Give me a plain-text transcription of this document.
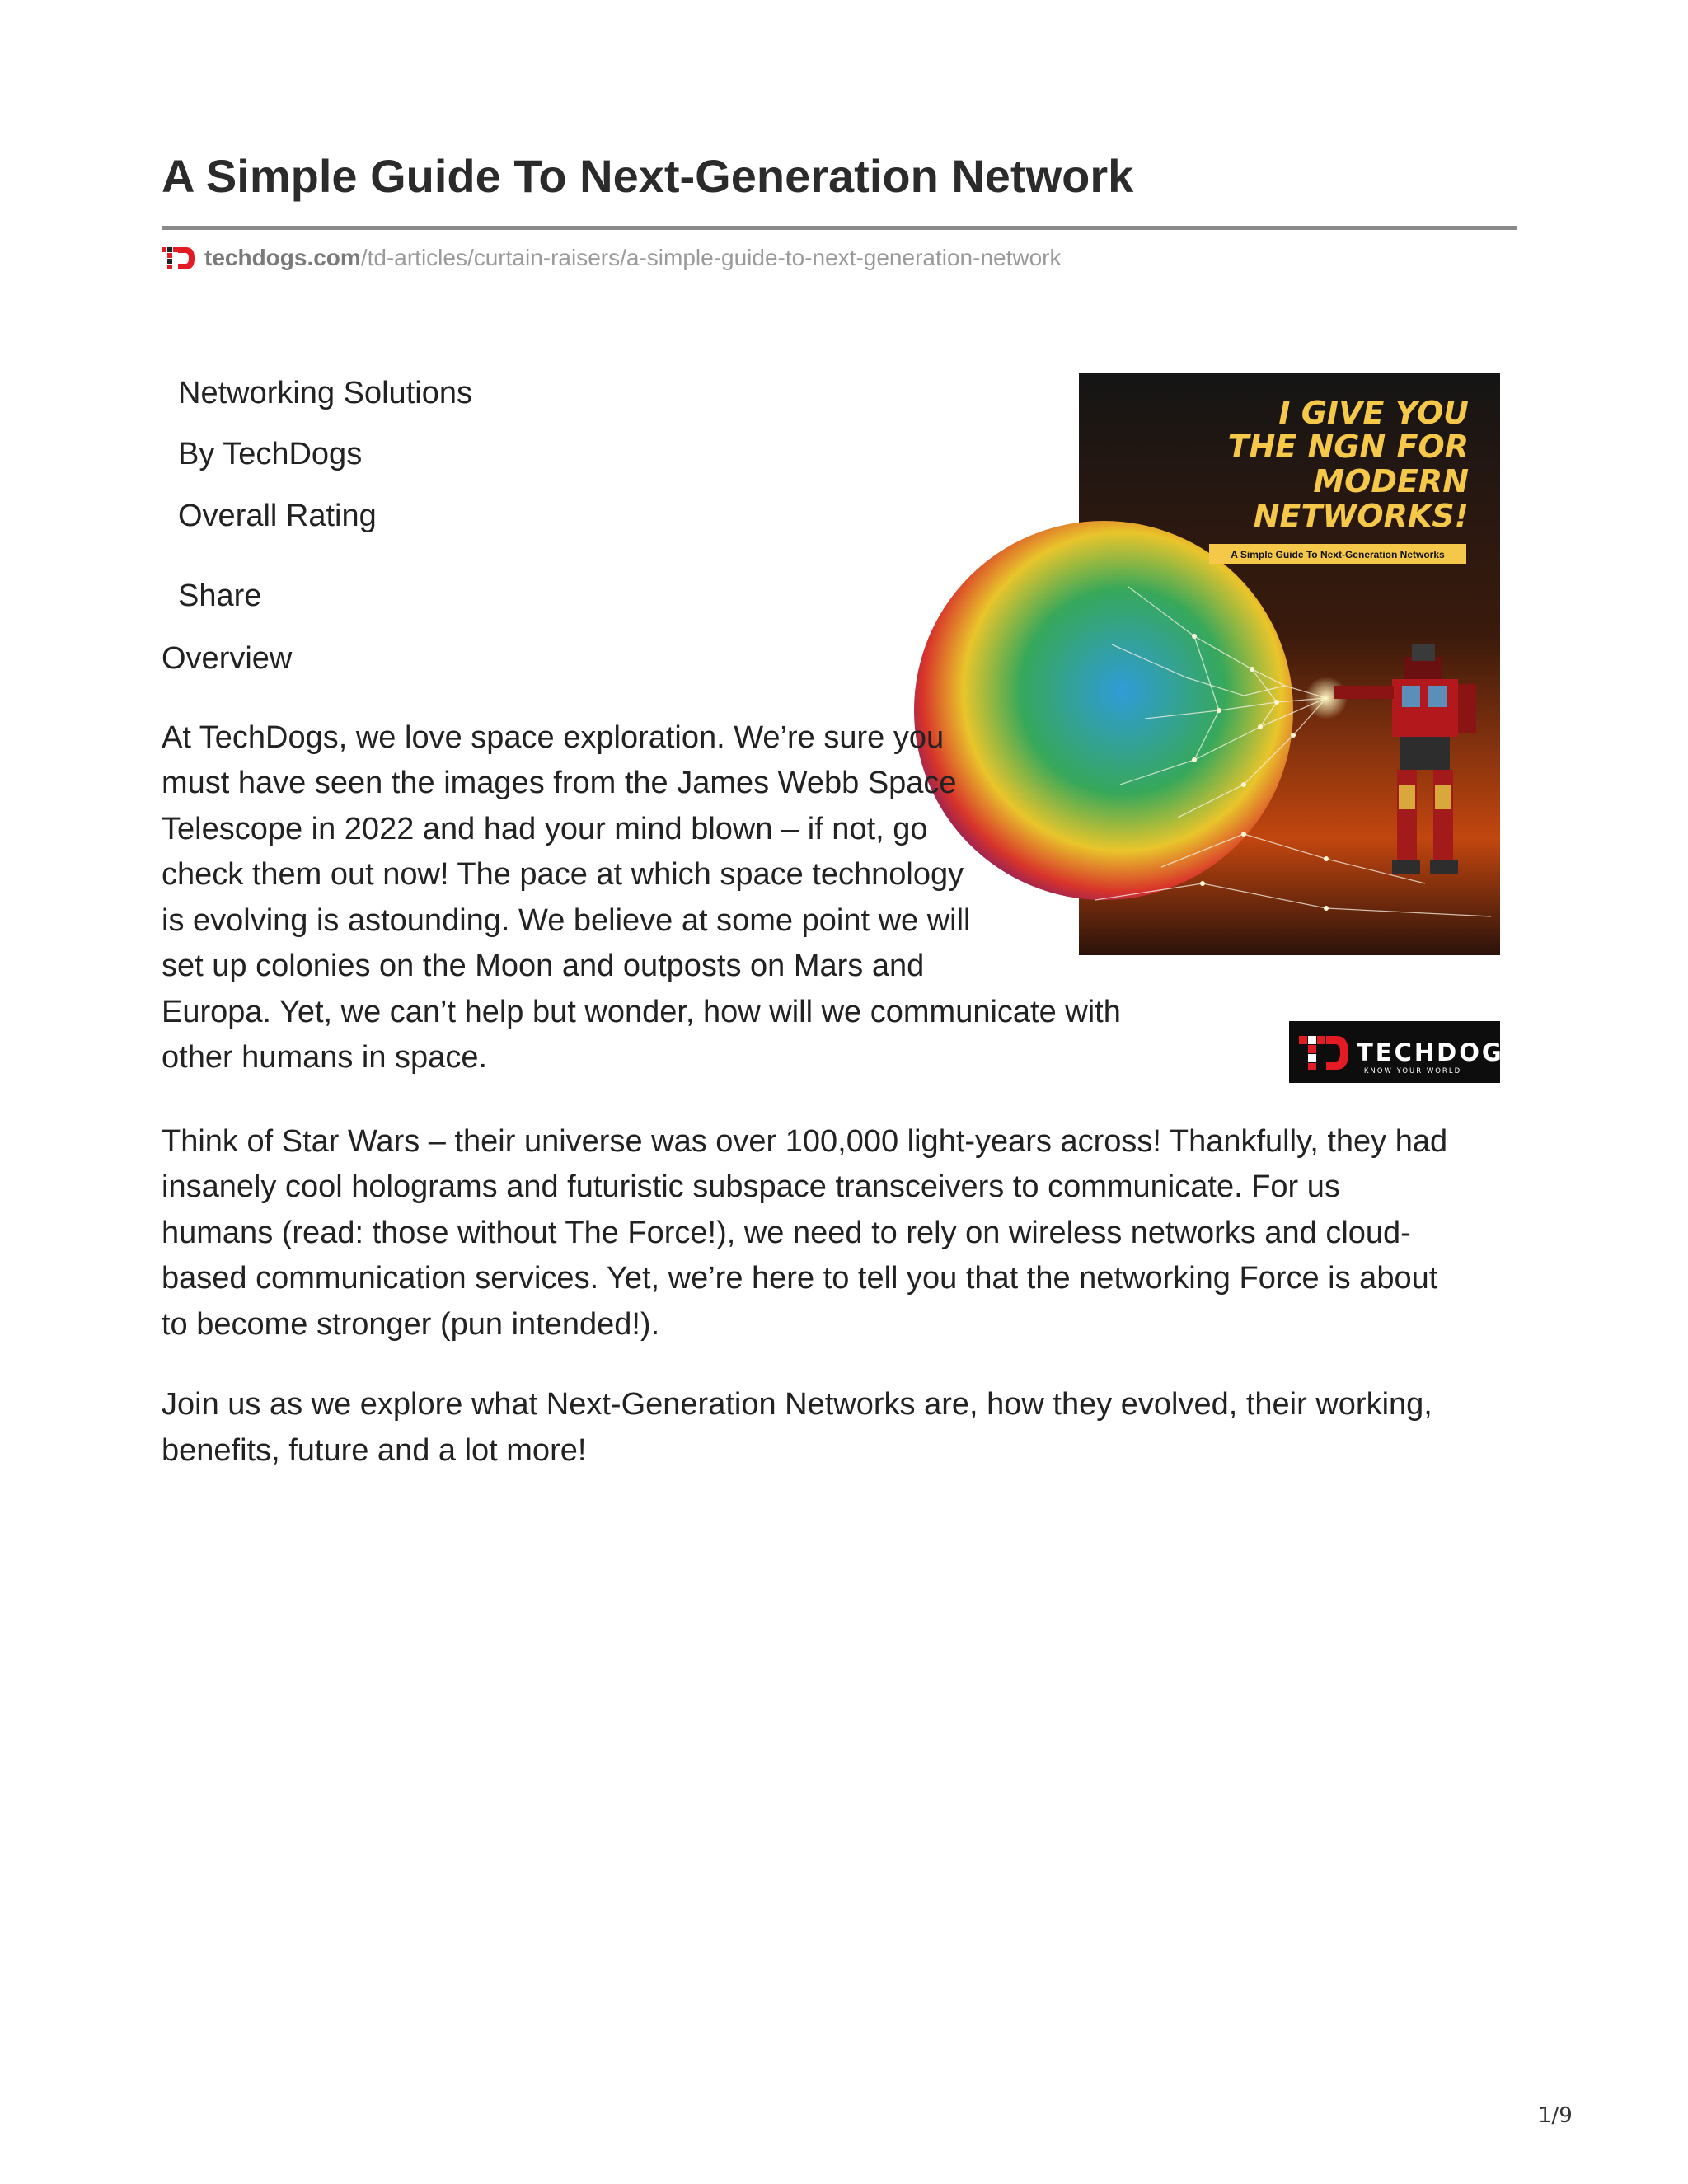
A Simple Guide To Next-Generation Network
techdogs.com /td-articles/curtain-raisers/a-simple-guide-to-next-generation-network
Networking Solutions
By TechDogs
Overall Rating
Share
Overview
I GIVE YOU
THE NGN FOR
MODERN
NETWORKS!
A Simple Guide To Next-Generation Networks
TECHDOGS
KNOW YOUR WORLD
At TechDogs, we love space exploration. We’re sure you
must have seen the images from the James Webb Space
Telescope in 2022 and had your mind blown – if not, go
check them out now! The pace at which space technology
is evolving is astounding. We believe at some point we will
set up colonies on the Moon and outposts on Mars and
Europa. Yet, we can’t help but wonder, how will we communicate with
other humans in space.
Think of Star Wars – their universe was over 100,000 light-years across! Thankfully, they had
insanely cool holograms and futuristic subspace transceivers to communicate. For us
humans (read: those without The Force!), we need to rely on wireless networks and cloud-
based communication services. Yet, we’re here to tell you that the networking Force is about
to become stronger (pun intended!).
Join us as we explore what Next-Generation Networks are, how they evolved, their working,
benefits, future and a lot more!
1/9
